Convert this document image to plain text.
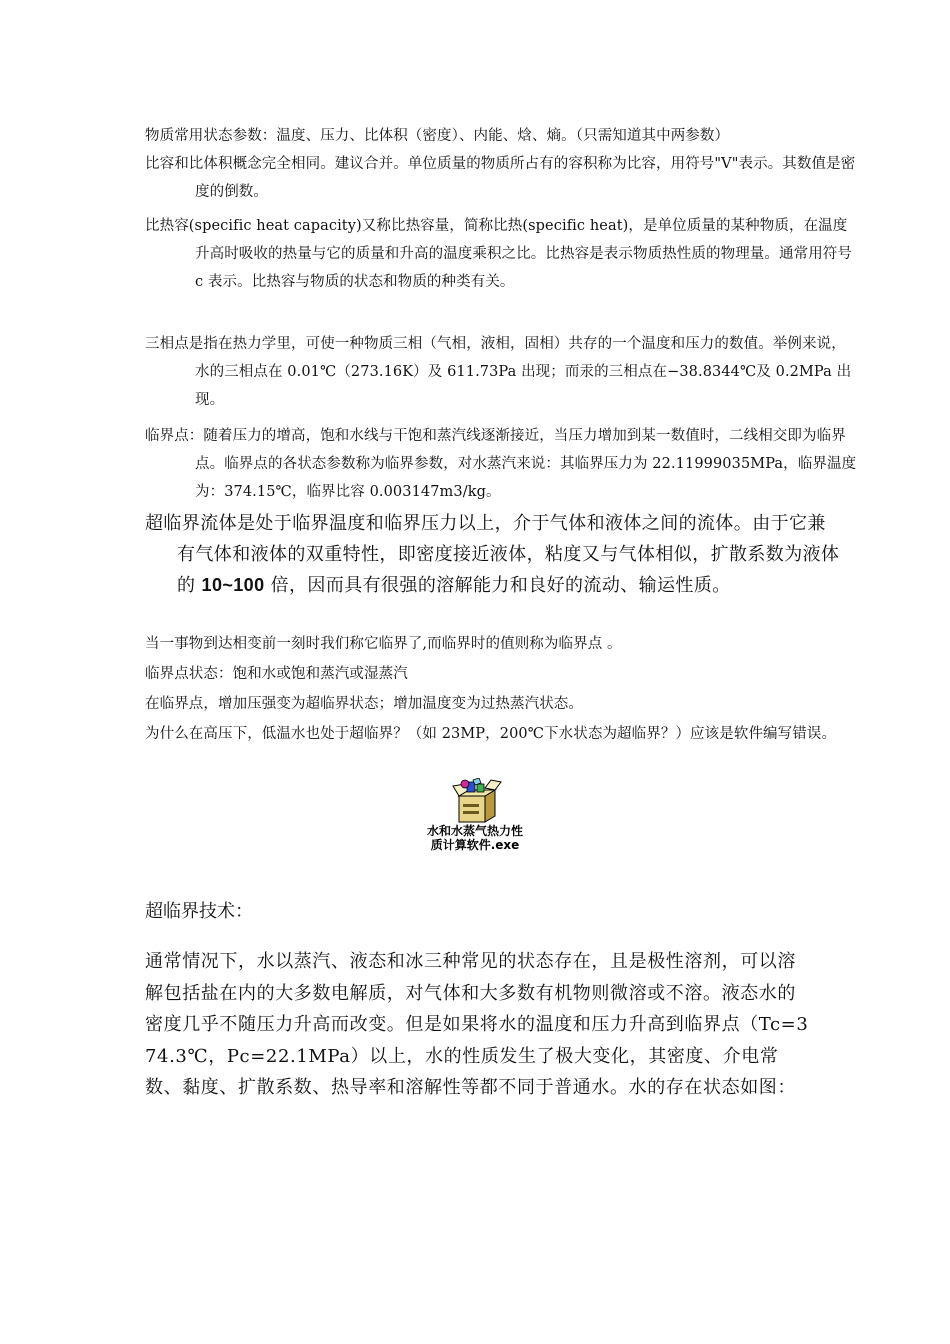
物质常用状态参数：温度、压力、比体积（密度）、内能、焓、熵。（只需知道其中两参数）

比容和比体积概念完全相同。建议合并。单位质量的物质所占有的容积称为比容，用符号"V"表示。其数值是密度的倒数。

比热容(specific heat capacity)又称比热容量，简称比热(specific heat)，是单位质量的某种物质，在温度升高时吸收的热量与它的质量和升高的温度乘积之比。比热容是表示物质热性质的物理量。通常用符号 c 表示。比热容与物质的状态和物质的种类有关。

三相点是指在热力学里，可使一种物质三相（气相，液相，固相）共存的一个温度和压力的数值。举例来说，水的三相点在 0.01℃（273.16K）及 611.73Pa 出现；而汞的三相点在−38.8344℃及 0.2MPa 出现。

临界点：随着压力的增高，饱和水线与干饱和蒸汽线逐渐接近，当压力增加到某一数值时，二线相交即为临界点。临界点的各状态参数称为临界参数，对水蒸汽来说：其临界压力为 22.11999035MPa，临界温度为：374.15℃，临界比容 0.003147m3/kg。

超临界流体是处于临界温度和临界压力以上，介于气体和液体之间的流体。由于它兼有气体和液体的双重特性，即密度接近液体，粘度又与气体相似，扩散系数为液体的 10~100 倍，因而具有很强的溶解能力和良好的流动、输运性质。

当一事物到达相变前一刻时我们称它临界了,而临界时的值则称为临界点 。

临界点状态：饱和水或饱和蒸汽或湿蒸汽

在临界点，增加压强变为超临界状态；增加温度变为过热蒸汽状态。

为什么在高压下，低温水也处于超临界？（如 23MP，200℃下水状态为超临界？）应该是软件编写错误。

水和水蒸气热力性
质计算软件.exe

超临界技术：

通常情况下，水以蒸汽、液态和冰三种常见的状态存在，且是极性溶剂，可以溶解包括盐在内的大多数电解质，对气体和大多数有机物则微溶或不溶。液态水的密度几乎不随压力升高而改变。但是如果将水的温度和压力升高到临界点（Tc=374.3℃，Pc=22.1MPa）以上，水的性质发生了极大变化，其密度、介电常数、黏度、扩散系数、热导率和溶解性等都不同于普通水。水的存在状态如图：
